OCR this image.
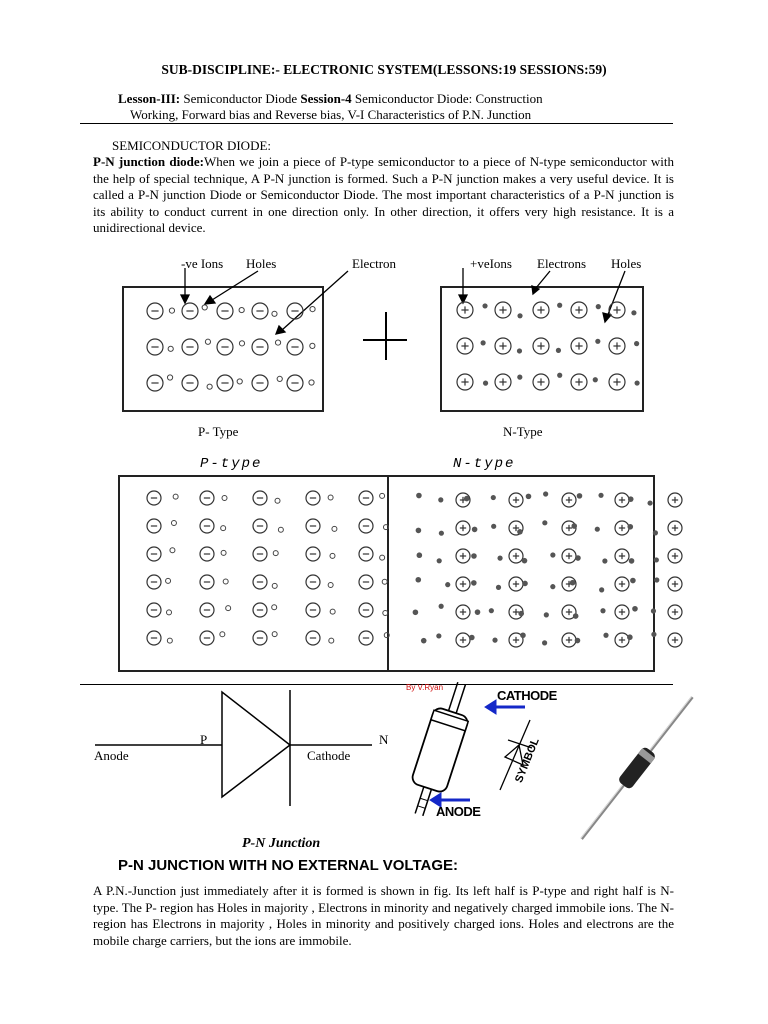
SUB-DISCIPLINE:- ELECTRONIC SYSTEM(LESSONS:19 SESSIONS:59)
Lesson-III: Semiconductor Diode Session-4 Semiconductor Diode: Construction
Working, Forward bias and Reverse bias, V-I Characteristics of P.N. Junction
SEMICONDUCTOR DIODE:
P-N junction diode:When we join a piece of P-type semiconductor to a piece of N-type semiconductor with the help of special technique, A P-N junction is formed. Such a P-N junction makes a very useful device. It is called a P-N junction Diode or Semiconductor Diode. The most important characteristics of a P-N junction is its ability to conduct current in one direction only. In other direction, it offers very high resistance. It is a unidirectional device.
-ve Ions Holes	Electron	+veIons Electrons Holes
P- Type	N-Type
P-type	N-type
P	N
Anode	Cathode
P-N Junction
By V.Ryan
CATHODE
ANODE
SYMBOL
P-N JUNCTION WITH NO EXTERNAL VOLTAGE:
A P.N.-Junction just immediately after it is formed is shown in fig. Its left half is P-type and right half is N-type. The P- region has Holes in majority , Electrons in minority and negatively charged immobile ions. The N- region has Electrons in majority , Holes in minority and positively charged ions. Holes and electrons are the mobile charge carriers, but the ions are immobile.
